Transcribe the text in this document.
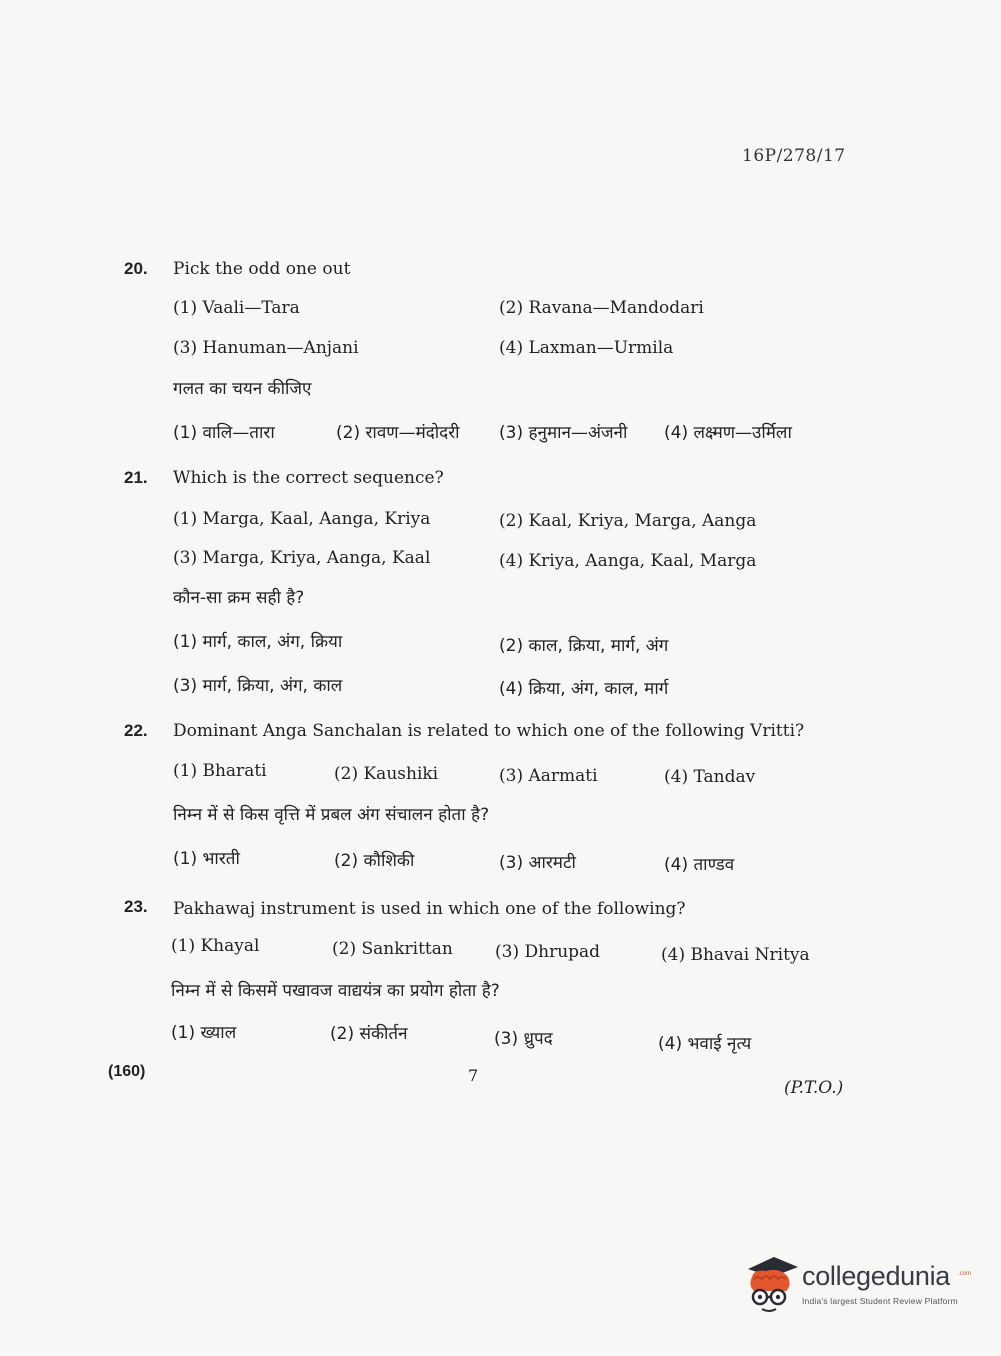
16P/278/17
20. Pick the odd one out
(1) Vaali—Tara	(2) Ravana—Mandodari
(3) Hanuman—Anjani	(4) Laxman—Urmila
गलत का चयन कीजिए
(1) वालि—तारा	(2) रावण—मंदोदरी (3) हनुमान—अंजनी (4) लक्ष्मण—उर्मिला
21. Which is the correct sequence?
(1) Marga, Kaal, Aanga, Kriya	(2) Kaal, Kriya, Marga, Aanga
(3) Marga, Kriya, Aanga, Kaal	(4) Kriya, Aanga, Kaal, Marga
कौन-सा क्रम सही है?
(1) मार्ग, काल, अंग, क्रिया	(2) काल, क्रिया, मार्ग, अंग
(3) मार्ग, क्रिया, अंग, काल	(4) क्रिया, अंग, काल, मार्ग
22. Dominant Anga Sanchalan is related to which one of the following Vritti?
(1) Bharati	(2) Kaushiki	(3) Aarmati	(4) Tandav
निम्न में से किस वृत्ति में प्रबल अंग संचालन होता है?
(1) भारती	(2) कौशिकी	(3) आरमटी	(4) ताण्डव
23. Pakhawaj instrument is used in which one of the following?
(1) Khayal	(2) Sankrittan (3) Dhrupad	(4) Bhavai Nritya
निम्न में से किसमें पखावज वाद्ययंत्र का प्रयोग होता है?
(1) ख्याल	(2) संकीर्तन	(3) ध्रुपद	(4) भवाई नृत्य
(160)	7
(P.T.O.)
collegedunia .com
India's largest Student Review Platform
